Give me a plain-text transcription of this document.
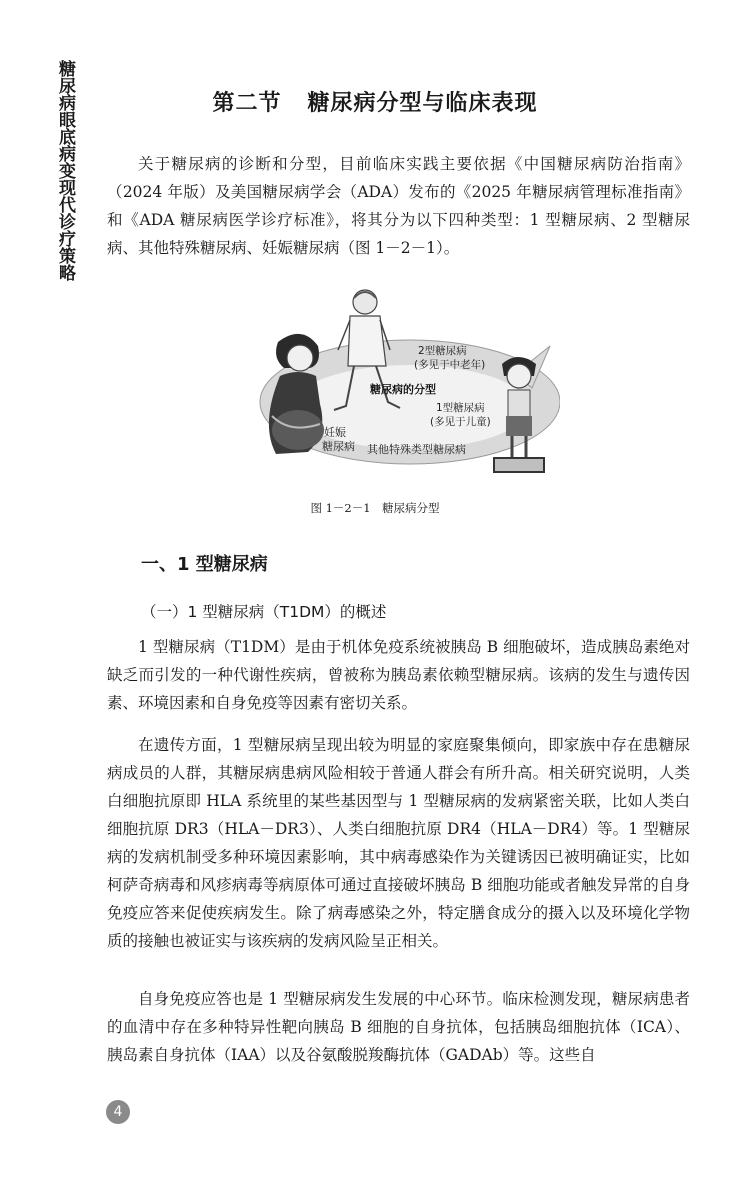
糖尿病眼底病变现代诊疗策略	第二节 糖尿病分型与临床表现

关于糖尿病的诊断和分型，目前临床实践主要依据《中国糖尿病防治指南》（2024 年版）及美国糖尿病学会（ADA）发布的《2025 年糖尿病管理标准指南》和《ADA 糖尿病医学诊疗标准》，将其分为以下四种类型：1 型糖尿病、2 型糖尿病、其他特殊糖尿病、妊娠糖尿病（图 1－2－1）。

2型糖尿病
(多见于中老年)
糖尿病的分型
1型糖尿病
(多见于儿童)
妊娠
糖尿病 其他特殊类型糖尿病
图 1－2－1　糖尿病分型
一、1 型糖尿病
（一）1 型糖尿病（T1DM）的概述

1 型糖尿病（T1DM）是由于机体免疫系统被胰岛 B 细胞破坏，造成胰岛素绝对缺乏而引发的一种代谢性疾病，曾被称为胰岛素依赖型糖尿病。该病的发生与遗传因素、环境因素和自身免疫等因素有密切关系。

在遗传方面，1 型糖尿病呈现出较为明显的家庭聚集倾向，即家族中存在患糖尿病成员的人群，其糖尿病患病风险相较于普通人群会有所升高。相关研究说明，人类白细胞抗原即 HLA 系统里的某些基因型与 1 型糖尿病的发病紧密关联，比如人类白细胞抗原 DR3（HLA－DR3）、人类白细胞抗原 DR4（HLA－DR4）等。1 型糖尿病的发病机制受多种环境因素影响，其中病毒感染作为关键诱因已被明确证实，比如柯萨奇病毒和风疹病毒等病原体可通过直接破坏胰岛 B 细胞功能或者触发异常的自身免疫应答来促使疾病发生。除了病毒感染之外，特定膳食成分的摄入以及环境化学物质的接触也被证实与该疾病的发病风险呈正相关。

自身免疫应答也是 1 型糖尿病发生发展的中心环节。临床检测发现，糖尿病患者的血清中存在多种特异性靶向胰岛 B 细胞的自身抗体，包括胰岛细胞抗体（ICA）、胰岛素自身抗体（IAA）以及谷氨酸脱羧酶抗体（GADAb）等。这些自

4
